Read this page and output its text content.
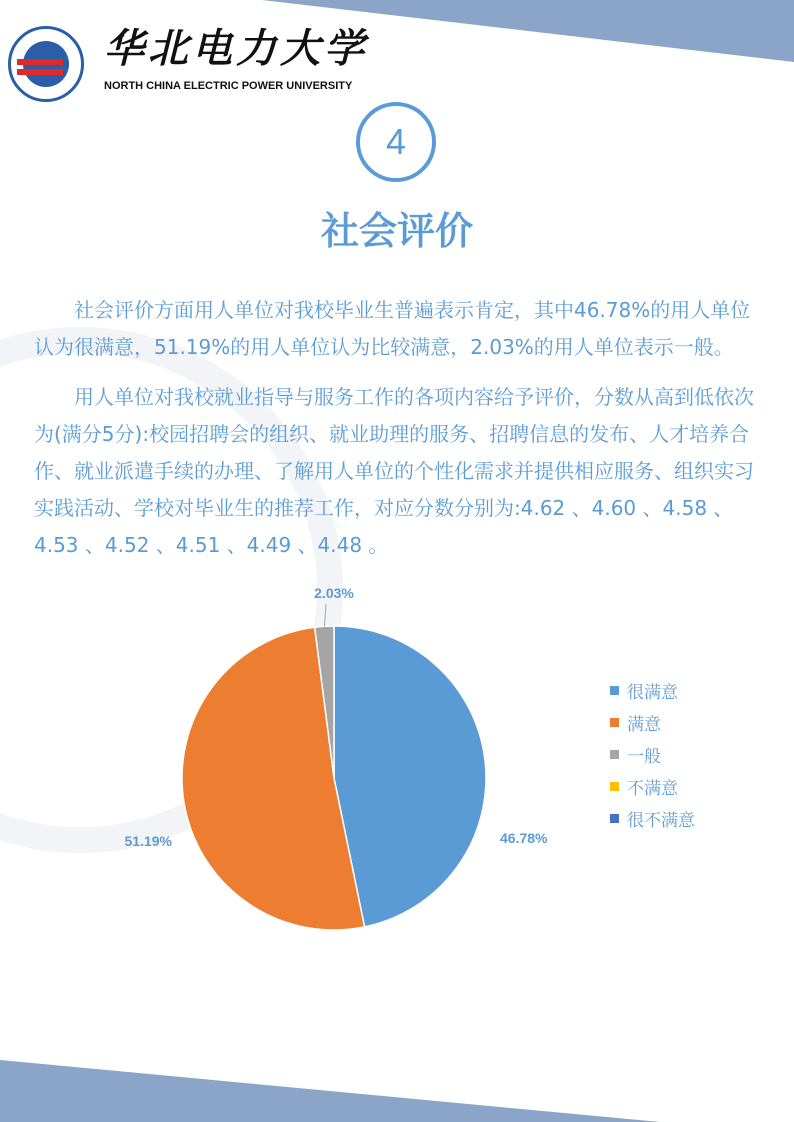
华北电力大学
NORTH CHINA ELECTRIC POWER UNIVERSITY
4
社会评价

社会评价方面用人单位对我校毕业生普遍表示肯定，其中46.78%的用人单位认为很满意，51.19%的用人单位认为比较满意，2.03%的用人单位表示一般。

用人单位对我校就业指导与服务工作的各项内容给予评价，分数从高到低依次为(满分5分):校园招聘会的组织、就业助理的服务、招聘信息的发布、人才培养合作、就业派遣手续的办理、了解用人单位的个性化需求并提供相应服务、组织实习实践活动、学校对毕业生的推荐工作，对应分数分别为:4.62 、4.60 、4.58 、4.53 、4.52 、4.51 、4.49 、4.48 。

46.78%
51.19%
2.03%
很满意
满意
一般
不满意
很不满意
